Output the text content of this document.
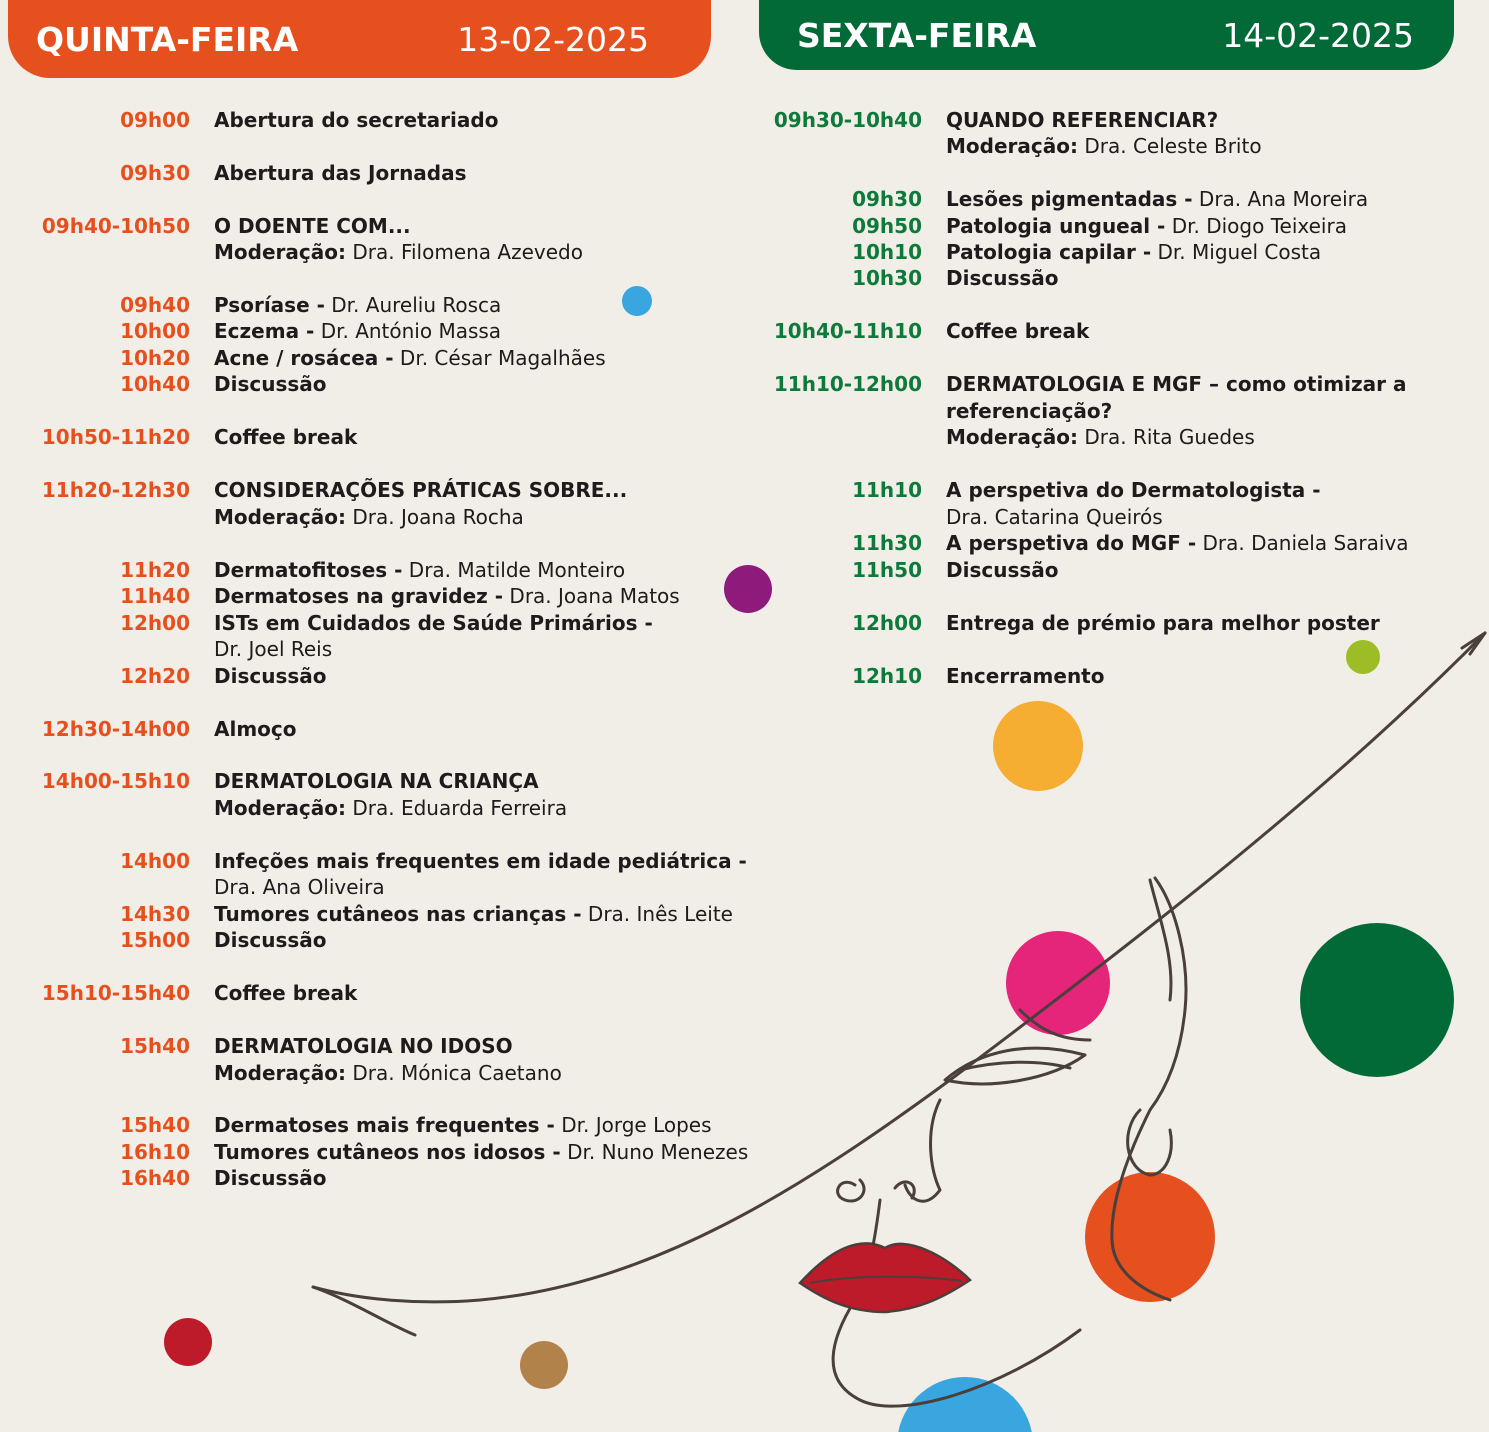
QUINTA-FEIRA	13-02-2025	SEXTA-FEIRA	14-02-2025
09h00 Abertura do secretariado
09h30 Abertura das Jornadas
09h40-10h50 O DOENTE COM...
Moderação: Dra. Filomena Azevedo
09h40 Psoríase - Dr. Aureliu Rosca
10h00 Eczema - Dr. António Massa
10h20 Acne / rosácea - Dr. César Magalhães
10h40 Discussão
10h50-11h20 Coffee break
11h20-12h30 CONSIDERAÇÕES PRÁTICAS SOBRE...
Moderação: Dra. Joana Rocha
11h20 Dermatofitoses - Dra. Matilde Monteiro
11h40 Dermatoses na gravidez - Dra. Joana Matos
12h00 ISTs em Cuidados de Saúde Primários -
Dr. Joel Reis
12h20 Discussão
12h30-14h00 Almoço
14h00-15h10 DERMATOLOGIA NA CRIANÇA
Moderação: Dra. Eduarda Ferreira
14h00 Infeções mais frequentes em idade pediátrica -
Dra. Ana Oliveira
14h30 Tumores cutâneos nas crianças - Dra. Inês Leite
15h00 Discussão
15h10-15h40 Coffee break
15h40 DERMATOLOGIA NO IDOSO
Moderação: Dra. Mónica Caetano
15h40 Dermatoses mais frequentes - Dr. Jorge Lopes
16h10 Tumores cutâneos nos idosos - Dr. Nuno Menezes
16h40 Discussão
09h30-10h40 QUANDO REFERENCIAR?
Moderação: Dra. Celeste Brito
09h30 Lesões pigmentadas - Dra. Ana Moreira
09h50 Patologia ungueal - Dr. Diogo Teixeira
10h10 Patologia capilar - Dr. Miguel Costa
10h30 Discussão
10h40-11h10 Coffee break
11h10-12h00 DERMATOLOGIA E MGF – como otimizar a
referenciação?
Moderação: Dra. Rita Guedes
11h10 A perspetiva do Dermatologista -
Dra. Catarina Queirós
11h30 A perspetiva do MGF - Dra. Daniela Saraiva
11h50 Discussão
12h00 Entrega de prémio para melhor poster
12h10 Encerramento
